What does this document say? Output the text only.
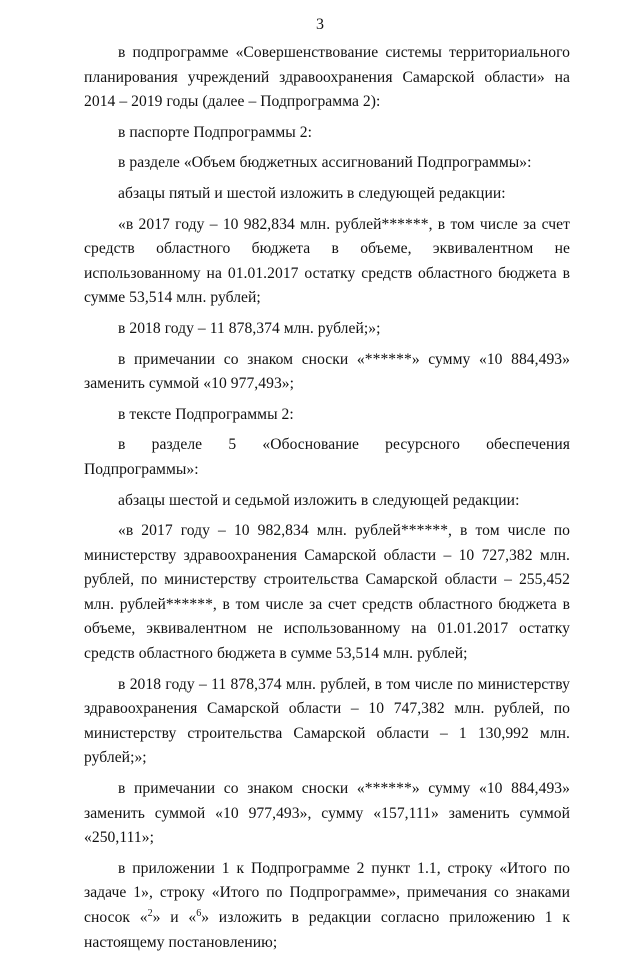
3

в подпрограмме «Совершенствование системы территориального планирования учреждений здравоохранения Самарской области» на 2014 – 2019 годы (далее – Подпрограмма 2):

в паспорте Подпрограммы 2:

в разделе «Объем бюджетных ассигнований Подпрограммы»:

абзацы пятый и шестой изложить в следующей редакции:

«в 2017 году – 10 982,834 млн. рублей******, в том числе за счет средств областного бюджета в объеме, эквивалентном не использованному на 01.01.2017 остатку средств областного бюджета в сумме 53,514 млн. рублей;

в 2018 году – 11 878,374 млн. рублей;»;

в примечании со знаком сноски «******» сумму «10 884,493» заменить суммой «10 977,493»;

в тексте Подпрограммы 2:

в разделе 5 «Обоснование ресурсного обеспечения Подпрограммы»:

абзацы шестой и седьмой изложить в следующей редакции:

«в 2017 году – 10 982,834 млн. рублей******, в том числе по министерству здравоохранения Самарской области – 10 727,382 млн. рублей, по министерству строительства Самарской области – 255,452 млн. рублей******, в том числе за счет средств областного бюджета в объеме, эквивалентном не использованному на 01.01.2017 остатку средств областного бюджета в сумме 53,514 млн. рублей;

в 2018 году – 11 878,374 млн. рублей, в том числе по министерству здравоохранения Самарской области – 10 747,382 млн. рублей, по министерству строительства Самарской области – 1 130,992 млн. рублей;»;

в примечании со знаком сноски «******» сумму «10 884,493» заменить суммой «10 977,493», сумму «157,111» заменить суммой «250,111»;

в приложении 1 к Подпрограмме 2 пункт 1.1, строку «Итого по задаче 1», строку «Итого по Подпрограмме», примечания со знаками сносок «$^2$» и «$^6$» изложить в редакции согласно приложению 1 к настоящему постановлению;
